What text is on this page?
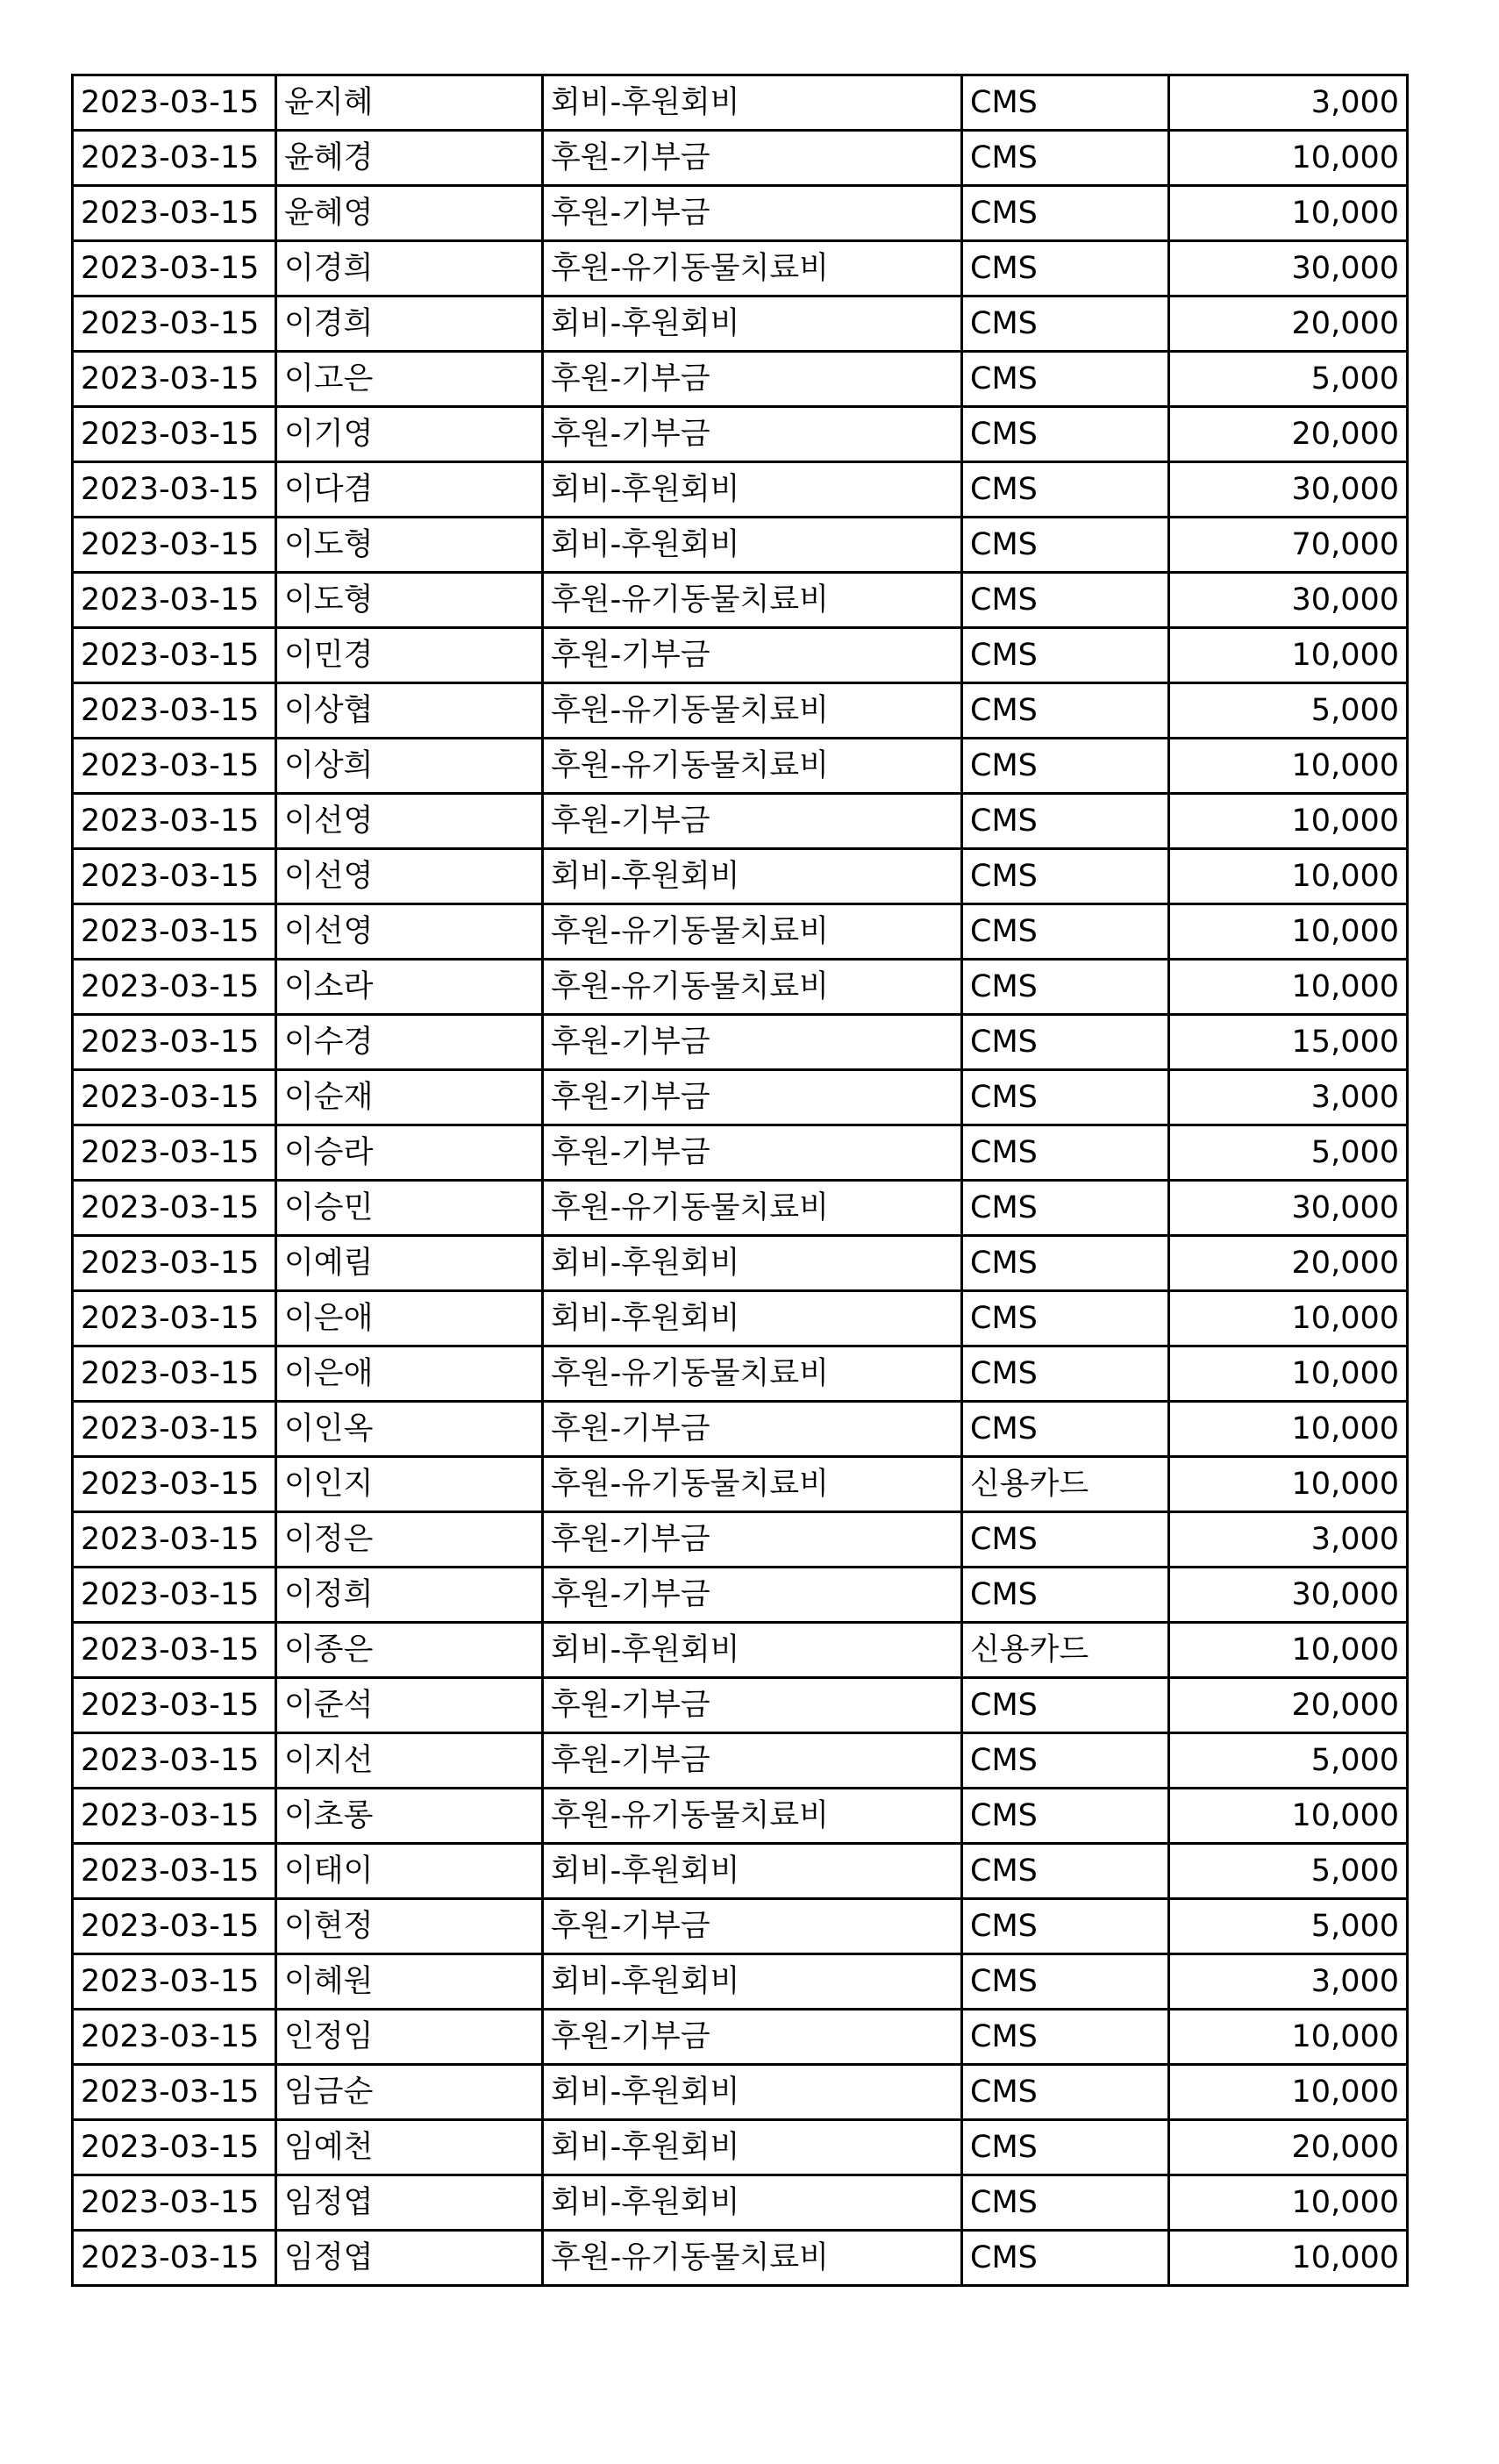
2023-03-15	윤지혜	회비-후원회비	CMS	3,000
2023-03-15	윤혜경	후원-기부금	CMS	10,000
2023-03-15	윤혜영	후원-기부금	CMS	10,000
2023-03-15	이경희	후원-유기동물치료비	CMS	30,000
2023-03-15	이경희	회비-후원회비	CMS	20,000
2023-03-15	이고은	후원-기부금	CMS	5,000
2023-03-15	이기영	후원-기부금	CMS	20,000
2023-03-15	이다겸	회비-후원회비	CMS	30,000
2023-03-15	이도형	회비-후원회비	CMS	70,000
2023-03-15	이도형	후원-유기동물치료비	CMS	30,000
2023-03-15	이민경	후원-기부금	CMS	10,000
2023-03-15	이상협	후원-유기동물치료비	CMS	5,000
2023-03-15	이상희	후원-유기동물치료비	CMS	10,000
2023-03-15	이선영	후원-기부금	CMS	10,000
2023-03-15	이선영	회비-후원회비	CMS	10,000
2023-03-15	이선영	후원-유기동물치료비	CMS	10,000
2023-03-15	이소라	후원-유기동물치료비	CMS	10,000
2023-03-15	이수경	후원-기부금	CMS	15,000
2023-03-15	이순재	후원-기부금	CMS	3,000
2023-03-15	이승라	후원-기부금	CMS	5,000
2023-03-15	이승민	후원-유기동물치료비	CMS	30,000
2023-03-15	이예림	회비-후원회비	CMS	20,000
2023-03-15	이은애	회비-후원회비	CMS	10,000
2023-03-15	이은애	후원-유기동물치료비	CMS	10,000
2023-03-15	이인옥	후원-기부금	CMS	10,000
2023-03-15	이인지	후원-유기동물치료비	신용카드	10,000
2023-03-15	이정은	후원-기부금	CMS	3,000
2023-03-15	이정희	후원-기부금	CMS	30,000
2023-03-15	이종은	회비-후원회비	신용카드	10,000
2023-03-15	이준석	후원-기부금	CMS	20,000
2023-03-15	이지선	후원-기부금	CMS	5,000
2023-03-15	이초롱	후원-유기동물치료비	CMS	10,000
2023-03-15	이태이	회비-후원회비	CMS	5,000
2023-03-15	이현정	후원-기부금	CMS	5,000
2023-03-15	이혜원	회비-후원회비	CMS	3,000
2023-03-15	인정임	후원-기부금	CMS	10,000
2023-03-15	임금순	회비-후원회비	CMS	10,000
2023-03-15	임예천	회비-후원회비	CMS	20,000
2023-03-15	임정엽	회비-후원회비	CMS	10,000
2023-03-15	임정엽	후원-유기동물치료비	CMS	10,000
